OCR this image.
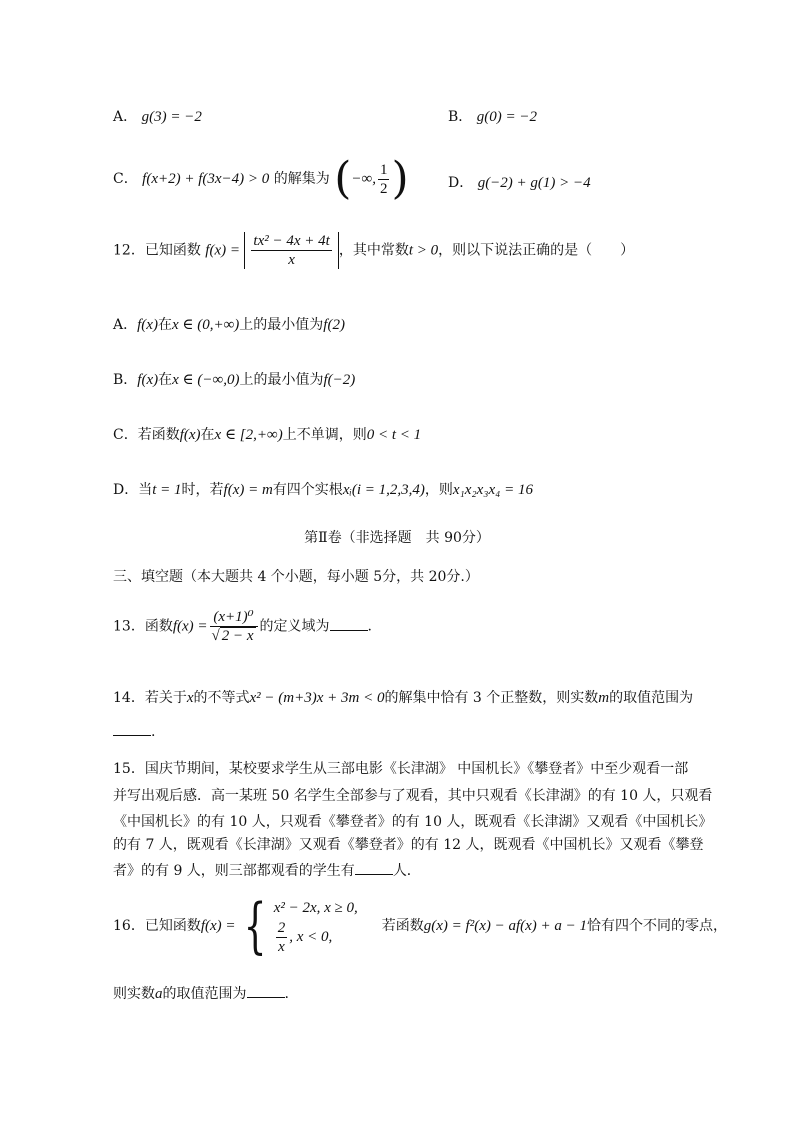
A． g(3) = −2	B． g(0) = −2
C． f(x+2) + f(3x−4) > 0 的解集为 (−∞, $\frac{1}{2}$ )	D． g(−2) + g(1) > −4
12．已知函数 $f(x) = \frac{\text{tx² − 4x + 4t}}{x}$ ，其中常数t > 0，则以下说法正确的是（　　）
A．f(x)在x ∈ (0,+∞)上的最小值为f(2)
B．f(x)在x ∈ (−∞,0)上的最小值为f(−2)
C．若函数f(x)在x ∈ [2,+∞)上不单调，则0 < t < 1
D．当t = 1时，若f(x) = m有四个实根xᵢ(i = 1,2,3,4)，则x₁x₂x₃x₄ = 16
第Ⅱ卷（非选择题　共 90分）
三、填空题（本大题共 4 个小题，每小题 5分，共 20分.）
13．函数$f(x) = \frac{\text{(x+1)⁰}}{√ 2 - x}$ 的定义域为	.
14．若关于x的不等式x² − (m+3)x + 3m < 0的解集中恰有 3 个正整数，则实数m的取值范围为
.
15．国庆节期间，某校要求学生从三部电影《长津湖》 中国机长》《攀登者》中至少观看一部
并写出观后感．高一某班 50 名学生全部参与了观看，其中只观看《长津湖》的有 10 人，只观看
《中国机长》的有 10 人，只观看《攀登者》的有 10 人，既观看《长津湖》又观看《中国机长》
的有 7 人，既观看《长津湖》又观看《攀登者》的有 12 人，既观看《中国机长》又观看《攀登
者》的有 9 人，则三部都观看的学生有	人．
16．已知函数f(x) = { x² − 2x, x ≥ 0,
$\frac{2}{x}$ , x < 0,
若函数g(x) = f²(x) − af(x) + a − 1恰有四个不同的零点，
则实数a的取值范围为	.
